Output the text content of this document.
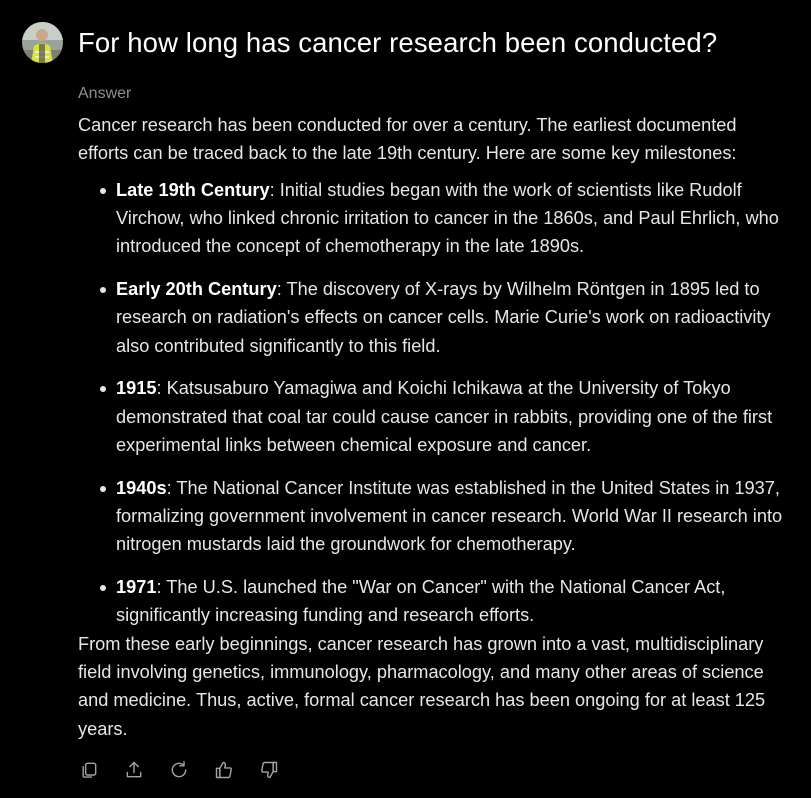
For how long has cancer research been conducted?
Answer

Cancer research has been conducted for over a century. The earliest documented efforts can be traced back to the late 19th century. Here are some key milestones:

Late 19th Century: Initial studies began with the work of scientists like Rudolf Virchow, who linked chronic irritation to cancer in the 1860s, and Paul Ehrlich, who introduced the concept of chemotherapy in the late 1890s.
Early 20th Century: The discovery of X-rays by Wilhelm Röntgen in 1895 led to research on radiation's effects on cancer cells. Marie Curie's work on radioactivity also contributed significantly to this field.
1915: Katsusaburo Yamagiwa and Koichi Ichikawa at the University of Tokyo demonstrated that coal tar could cause cancer in rabbits, providing one of the first experimental links between chemical exposure and cancer.
1940s: The National Cancer Institute was established in the United States in 1937, formalizing government involvement in cancer research. World War II research into nitrogen mustards laid the groundwork for chemotherapy.
1971: The U.S. launched the "War on Cancer" with the National Cancer Act, significantly increasing funding and research efforts.

From these early beginnings, cancer research has grown into a vast, multidisciplinary field involving genetics, immunology, pharmacology, and many other areas of science and medicine. Thus, active, formal cancer research has been ongoing for at least 125 years.
